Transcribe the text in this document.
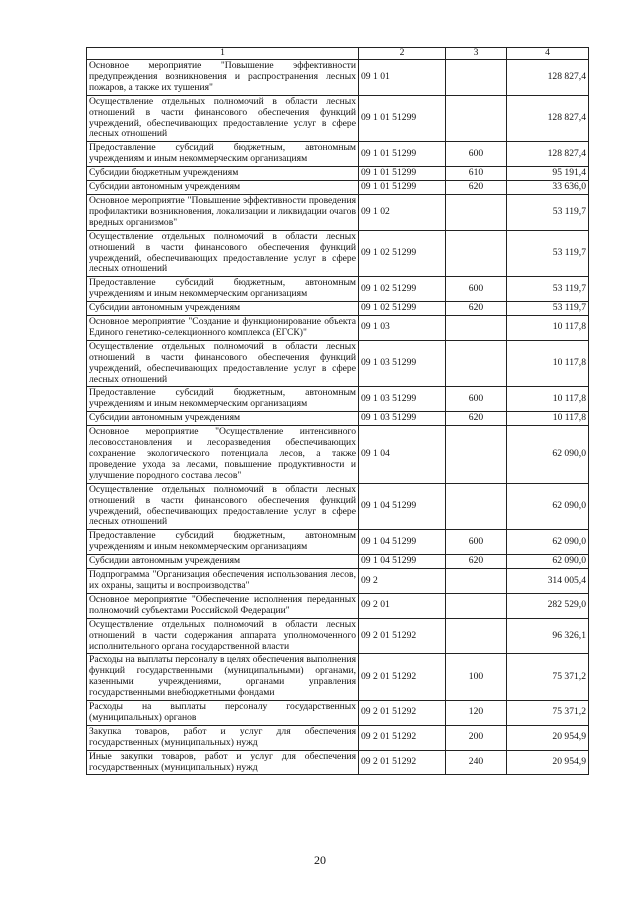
1	2	3	4
Основное мероприятие "Повышение эффективности предупреждения возникновения и распространения лесных пожаров, а также их тушения"	09 1 01		128 827,4
Осуществление отдельных полномочий в области лесных отношений в части финансового обеспечения функций учреждений, обеспечивающих предоставление услуг в сфере лесных отношений	09 1 01 51299		128 827,4
Предоставление субсидий бюджетным, автономным учреждениям и иным некоммерческим организациям	09 1 01 51299	600	128 827,4
Субсидии бюджетным учреждениям	09 1 01 51299	610	95 191,4
Субсидии автономным учреждениям	09 1 01 51299	620	33 636,0
Основное мероприятие "Повышение эффективности проведения профилактики возникновения, локализации и ликвидации очагов вредных организмов"	09 1 02		53 119,7
Осуществление отдельных полномочий в области лесных отношений в части финансового обеспечения функций учреждений, обеспечивающих предоставление услуг в сфере лесных отношений	09 1 02 51299		53 119,7
Предоставление субсидий бюджетным, автономным учреждениям и иным некоммерческим организациям	09 1 02 51299	600	53 119,7
Субсидии автономным учреждениям	09 1 02 51299	620	53 119,7
Основное мероприятие "Создание и функционирование объекта Единого генетико-селекционного комплекса (ЕГСК)"	09 1 03		10 117,8
Осуществление отдельных полномочий в области лесных отношений в части финансового обеспечения функций учреждений, обеспечивающих предоставление услуг в сфере лесных отношений	09 1 03 51299		10 117,8
Предоставление субсидий бюджетным, автономным учреждениям и иным некоммерческим организациям	09 1 03 51299	600	10 117,8
Субсидии автономным учреждениям	09 1 03 51299	620	10 117,8
Основное мероприятие "Осуществление интенсивного лесовосстановления и лесоразведения обеспечивающих сохранение экологического потенциала лесов, а также проведение ухода за лесами, повышение продуктивности и улучшение породного состава лесов"	09 1 04		62 090,0
Осуществление отдельных полномочий в области лесных отношений в части финансового обеспечения функций учреждений, обеспечивающих предоставление услуг в сфере лесных отношений	09 1 04 51299		62 090,0
Предоставление субсидий бюджетным, автономным учреждениям и иным некоммерческим организациям	09 1 04 51299	600	62 090,0
Субсидии автономным учреждениям	09 1 04 51299	620	62 090,0
Подпрограмма "Организация обеспечения использования лесов, их охраны, защиты и воспроизводства"	09 2		314 005,4
Основное мероприятие "Обеспечение исполнения переданных полномочий субъектами Российской Федерации"	09 2 01		282 529,0
Осуществление отдельных полномочий в области лесных отношений в части содержания аппарата уполномоченного исполнительного органа государственной власти	09 2 01 51292		96 326,1
Расходы на выплаты персоналу в целях обеспечения выполнения функций государственными (муниципальными) органами, казенными учреждениями, органами управления государственными внебюджетными фондами	09 2 01 51292	100	75 371,2
Расходы на выплаты персоналу государственных (муниципальных) органов	09 2 01 51292	120	75 371,2
Закупка товаров, работ и услуг для обеспечения государственных (муниципальных) нужд	09 2 01 51292	200	20 954,9
Иные закупки товаров, работ и услуг для обеспечения государственных (муниципальных) нужд	09 2 01 51292	240	20 954,9
20
